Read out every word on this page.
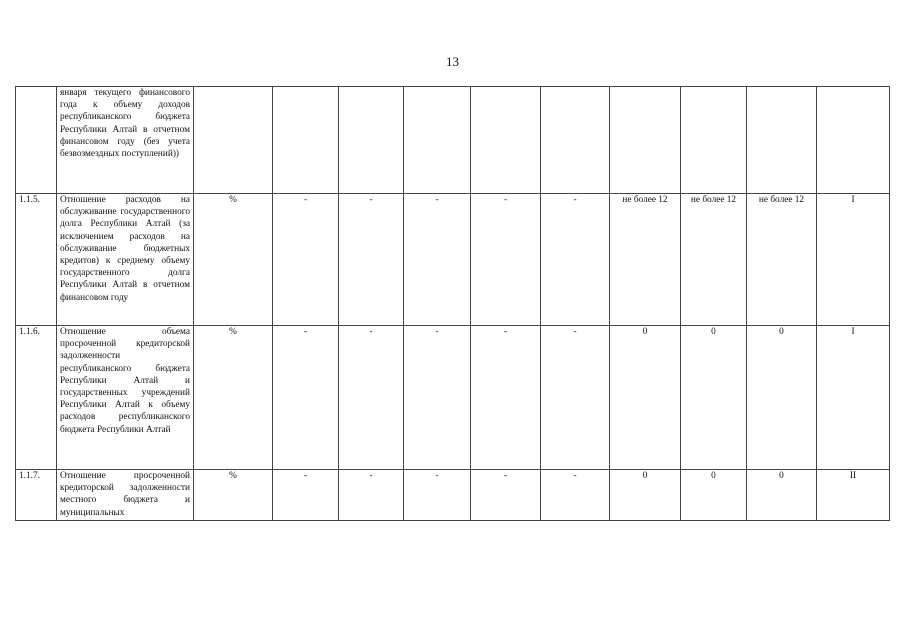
13
	января текущего финансового года к объему доходов республиканского бюджета Республики Алтай в отчетном финансовом году (без учета безвозмездных поступлений))										
1.1.5.	Отношение расходов на обслуживание государственного долга Республики Алтай (за исключением расходов на обслуживание бюджетных кредитов) к среднему объему государственного долга Республики Алтай в отчетном финансовом году	%	-	-	-	-	-	не более 12	не более 12	не более 12	I
1.1.6.	Отношение объема просроченной кредиторской задолженности республиканского бюджета Республики Алтай и государственных учреждений Республики Алтай к объему расходов республиканского бюджета Республики Алтай	%	-	-	-	-	-	0	0	0	I
1.1.7.	Отношение просроченной кредиторской задолженности местного бюджета и муниципальных	%	-	-	-	-	-	0	0	0	II
